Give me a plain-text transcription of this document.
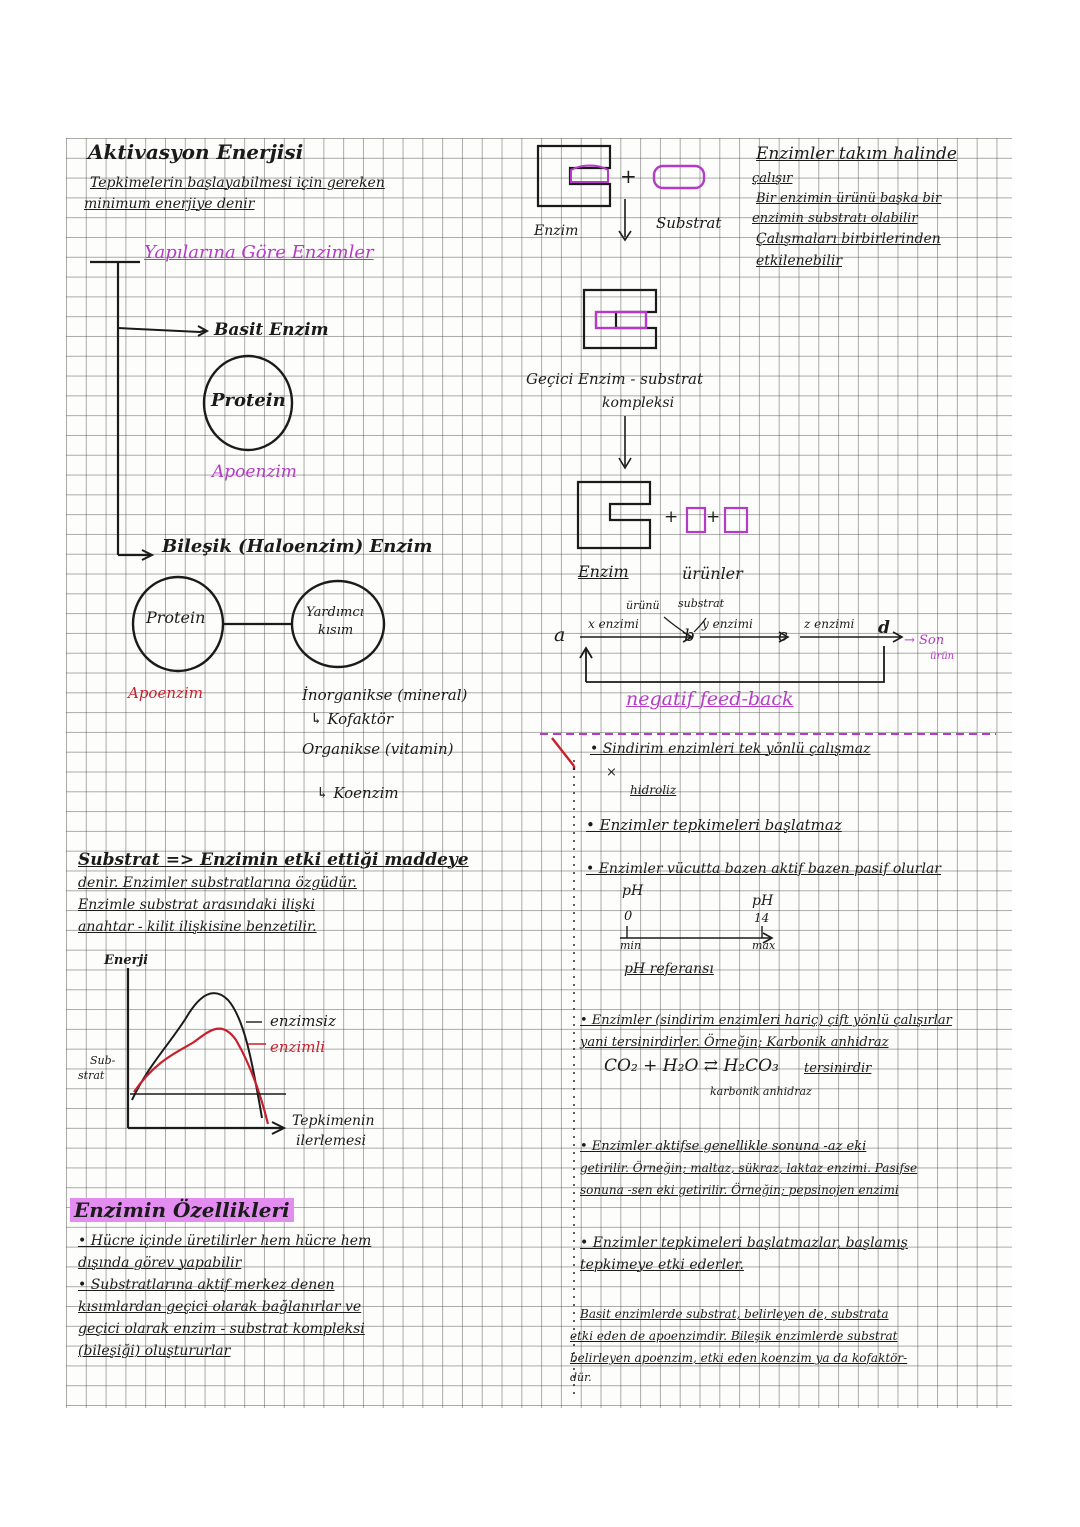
Aktivasyon Enerjisi
Tepkimelerin başlayabilmesi için gereken
minimum enerjiye denir
Yapılarına Göre Enzimler
Basit Enzim
Protein
Apoenzim
Bileşik (Haloenzim) Enzim
Protein	Yardımcı
kısım
Apoenzim	İnorganikse (mineral)
↳ Kofaktör
Organikse (vitamin)
↳ Koenzim
Substrat => Enzimin etki ettiği maddeye
denir. Enzimler substratlarına özgüdür.
Enzimle substrat arasındaki ilişki
anahtar - kilit ilişkisine benzetilir.
Enerji
Sub-
strat
enzimsiz
enzimli
Tepkimenin
ilerlemesi
Enzimin Özellikleri
• Hücre içinde üretilirler hem hücre hem
dışında görev yapabilir
• Substratlarına aktif merkez denen
kısımlardan geçici olarak bağlanırlar ve
geçici olarak enzim - substrat kompleksi
(bileşiği) oluştururlar
Enzim
+
Substrat
Enzimler takım halinde
çalışır
Bir enzimin ürünü başka bir
enzimin substratı olabilir
Çalışmaları birbirlerinden
etkilenebilir
Geçici Enzim - substrat
kompleksi
+ +
Enzim	ürünler
ürünü substrat
x enzimi	y enzimi	z enzimi
a	b	c	d
→ Son
ürün
negatif feed-back
• Sindirim enzimleri tek yönlü çalışmaz
×
hidroliz
• Enzimler tepkimeleri başlatmaz
• Enzimler vücutta bazen aktif bazen pasif olurlar
pH
0
min
pH
14
max
pH referansı
• Enzimler (sindirim enzimleri hariç) çift yönlü çalışırlar
yani tersinirdirler. Örneğin; Karbonik anhidraz
CO₂ + H₂O ⇄ H₂CO₃ tersinirdir
karbonik anhidraz
• Enzimler aktifse genellikle sonuna -az eki
getirilir. Örneğin; maltaz, sükraz, laktaz enzimi. Pasifse
sonuna -sen eki getirilir. Örneğin; pepsinojen enzimi
• Enzimler tepkimeleri başlatmazlar, başlamış
tepkimeye etki ederler.
Basit enzimlerde substrat, belirleyen de, substrata
etki eden de apoenzimdir. Bileşik enzimlerde substrat
belirleyen apoenzim, etki eden koenzim ya da kofaktör-
dür.
